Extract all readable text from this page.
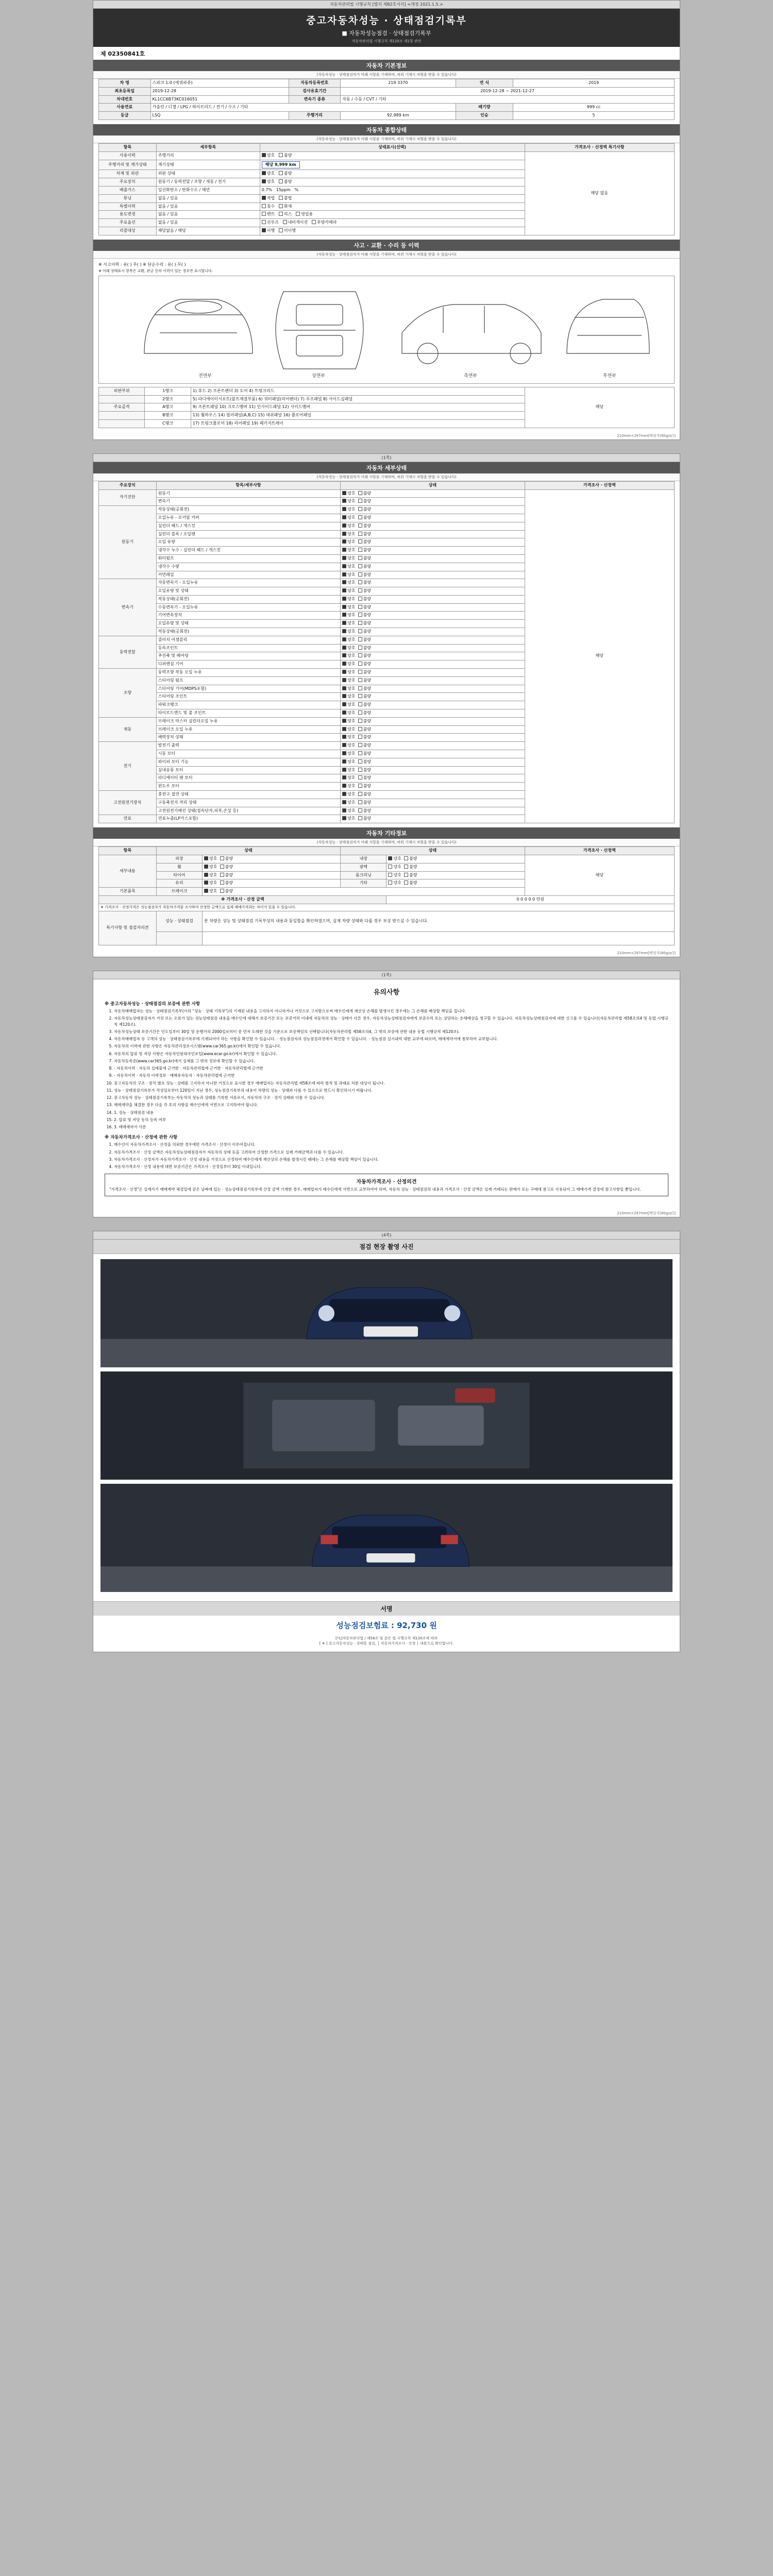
자동차관리법 시행규칙 [별지 제82호서식] <개정 2021.1.5.>
중고자동차성능 · 상태점검기록부
■ 자동차성능점검 · 상태점검기록부
자동차관리법 시행규칙 제120조 제1항 관련
제 02350841호
자동차 기본정보
(자동차성능 · 상태점검자가 아래 사항을 기재하며, 허위 기재시 처벌을 받을 수 있습니다)
차 명	스파크 1.0 (에쿼파쥬)	자동차등록번호	219 3370	연 식	2019
최초등록일	2019-12-28	검사유효기간	2019-12-28 ~ 2021-12-27		
차대번호	KL1CC6B73KC016051	변속기 종류	자동 / 수동 / CVT / 기타		
사용연료	가솔린 / 디젤 / LPG / 하이브리드 / 전기 / 수소 / 기타			배기량	999 cc
등급	LSQ	주행거리	92,989 km	인승	5
자동차 종합상태
(자동차성능 · 상태점검자가 아래 사항을 기재하며, 허위 기재시 처벌을 받을 수 있습니다)
항목	세부항목	상태표시(선택)	가격조사 · 산정액 특기사항
사용이력	주행거리	양호 불량	해당 없음
주행거리 및 계기상태	계기상태	해당 9,999 km	
차체 및 외관	외판 상태	양호 불량	
주요장치	원동기 / 동력전달 / 조향 / 제동 / 전기	양호 불량	
배출가스	일산화탄소 / 탄화수소 / 매연	0.7% 15ppm %	
튜닝	없음 / 있음	적법 불법	
특별이력	없음 / 있음	침수 화재	
용도변경	없음 / 있음	렌트 리스 영업용	
주요옵션	없음 / 있음	선루프 내비게이션 후방카메라	
리콜대상	해당없음 / 해당	이행 미이행	
사고 · 교환 · 수리 등 이력
(자동차성능 · 상태점검자가 아래 사항을 기재하며, 허위 기재시 처벌을 받을 수 있습니다)
※ 사고이력 : 유( ) 무( ) ※ 단순수리 : 유( ) 무( )
※ 아래 상태표시 항목은 교환, 판금 등의 이력이 있는 경우만 표시합니다.
전면부	상면부	측면부	후면부
외판부위	1랭크	1) 후드 2) 프론트펜더 3) 도어 4) 트렁크리드	해당
	2랭크	5) 라디에이터서포트(볼트체결부품) 6) 쿼터패널(리어펜더) 7) 루프패널 8) 사이드실패널	
주요골격	A랭크	9) 프론트패널 10) 크로스멤버 11) 인사이드패널 12) 사이드멤버	
	B랭크	13) 휠하우스 14) 필러패널(A,B,C) 15) 대쉬패널 16) 플로어패널	
	C랭크	17) 트렁크플로어 18) 리어패널 19) 패키지트레이	
210mm×297mm[백상지(80g/㎡)]
(1쪽)
자동차 세부상태
(자동차성능 · 상태점검자가 아래 사항을 기재하며, 허위 기재시 처벌을 받을 수 있습니다)
주요장치	항목/세부사항	상태	가격조사 · 산정액
자기진단	원동기	양호 불량	해당
	변속기	양호 불량	
원동기	작동상태(공회전)	양호 불량	
	오일누유 - 로커암 커버	양호 불량	
	실린더 헤드 / 개스킷	양호 불량	
	실린더 블록 / 오일팬	양호 불량	
	오일 유량	양호 불량	
	냉각수 누수 - 실린더 헤드 / 개스킷	양호 불량	
	워터펌프	양호 불량	
	냉각수 수량	양호 불량	
	커먼레일	양호 불량	
변속기	자동변속기 - 오일누유	양호 불량	
	오일유량 및 상태	양호 불량	
	작동상태(공회전)	양호 불량	
	수동변속기 - 오일누유	양호 불량	
	기어변속장치	양호 불량	
	오일유량 및 상태	양호 불량	
	작동상태(공회전)	양호 불량	
동력전달	클러치 어셈블리	양호 불량	
	등속조인트	양호 불량	
	추진축 및 베어링	양호 불량	
	디퍼렌셜 기어	양호 불량	
조향	동력조향 작동 오일 누유	양호 불량	
	스티어링 펌프	양호 불량	
	스티어링 기어(MDPS포함)	양호 불량	
	스티어링 조인트	양호 불량	
	파워크랭크	양호 불량	
	타이로드엔드 및 볼 조인트	양호 불량	
제동	브레이크 마스터 실린더오일 누유	양호 불량	
	브레이크 오일 누유	양호 불량	
	배력장치 상태	양호 불량	
전기	발전기 출력	양호 불량	
	시동 모터	양호 불량	
	와이퍼 모터 기능	양호 불량	
	실내송풍 모터	양호 불량	
	라디에이터 팬 모터	양호 불량	
	윈도우 모터	양호 불량	
고전원전기장치	충전구 절연 상태	양호 불량	
	구동축전지 격리 상태	양호 불량	
	고전원전기배선 상태(접속단자,피복,손상 등)	양호 불량	
연료	연료누출(LP가스포함)	양호 불량	
자동차 기타정보
(자동차성능 · 상태점검자가 아래 사항을 기재하며, 허위 기재시 처벌을 받을 수 있습니다)
항목	상태		상태		가격조사 · 산정액
세부내용	외장	양호 불량	내장	양호 불량	해당
	휠	양호 불량	광택	양호 불량	
	타이어	양호 불량	룸크리닝	양호 불량	
	유리	양호 불량	기타	양호 불량	
기본품목	브레이크	양호 불량			
※ 가격조사 · 산정 금액				0 0 0 0 0 만원	
※ 가격조사 · 산정가격은 성능점검자가 자동차가격을 조사하여 산정한 금액으로 실제 매매가격과는 차이가 있을 수 있습니다.					
특기사항 및 점검자의견	성능 · 상태점검	본 차량은 성능 및 상태점검 기록부상의 내용과 동일함을 확인하였으며, 실제 차량 상태와 다를 경우 보상 받으실 수 있습니다.			

210mm×297mm[백상지(80g/㎡)]
(1쪽)
유의사항

※ 중고자동차성능 · 상태점검의 보증에 관한 사항

1. 자동차매매업자는 성능 · 상태점검기록부(이하 "성능 · 상태 기록부")의 기재된 내용을 고지하지 아니하거나 거짓으로 고지함으로써 매수인에게 재산상 손해를 발생시킨 경우에는 그 손해를 배상할 책임을 집니다.
2. 자동차성능상태점검자가 거짓 또는 오류가 있는 성능상태점검 내용을 매수인에 대해서 보증기간 또는 보증거리 이내에 자동차의 성능 · 상태가 다른 경우, 자동차성능상태점검자에게 보증수리 또는 상당하는 손해배상을 청구할 수 있습니다. 자동차성능상태점검자에 대한 신고를 수 있습니다(자동차관리법 제58조의4 및 동법 시행규칙 제120조).
3. 자동차성능상태 보증기간은 인도일부터 30일 및 운행거리 2000킬로미터 중 먼저 도래한 것을 기준으로 보증책임의 선택합니다(자동차관리법 제58조의4, 그 밖의 보증에 관한 내용 동법 시행규칙 제120조).
4. 자동차매매업자 등 고객의 성능 · 상태점검기록부에 기재되어야 하는 사항을 확인할 수 있습니다. · 성능점검자의 성능점검과정에서 확인할 수 있습니다. · 성능점검 실시내역 대한 교부에 따르며, 매매계약서에 첨부하여 교부합니다.
5. 자동차의 이력에 관한 사항은 자동차관리정보시스템(www.car365.go.kr)에서 확인할 수 있습니다.
6. 자동차의 압류 및 저당 사항은 자동차민원대국민포털(www.ecar.go.kr)에서 확인할 수 있습니다.
7. 자동차등록증(www.car365.go.kr)에서 실제를 그 밖의 정보에 확인할 수 있습니다.
8. - 자동차이력 · 자동차 실매물에 근거한 · 자동차관리법에 근거한 · 자동차관리법에 근거한
9. - 자동차이력 · 자동차 이력정보 · 매매용자동차 · 자동차관리법에 근거한
10. 중고자동차의 구조 · 장치 별로 성능 · 상태를 고지하지 아니한 거짓으로 표시한 경우 매매업자는 자동차관리법 제58조에 따라 벌칙 및 과태료 처분 대상이 됩니다.
11. 성능 · 상태점검기록부가 작성일로부터 120일이 지난 경우, 성능점검기록부의 내용이 차량의 성능 · 상태와 다를 수 있으므로 반드시 확인하시기 바랍니다.
12. 중고자동차 성능 · 상태점검기록부는 자동차의 성능과 상태를 기록한 서류로서, 자동차의 구조 · 장치 상태와 다를 수 있습니다.
13. 매매계약을 체결한 경우 다음 각 호의 사항을 매수인에게 서면으로 고지하여야 합니다.
14. 1. 성능 · 상태점검 내용
15. 2. 압류 및 저당 등의 등록 여부
16. 3. 매매계약서 사본

※ 자동차가격조사 · 산정에 관한 사항

1. 매수인이 자동차가격조사 · 산정을 의뢰한 경우에만 가격조사 · 산정이 이루어집니다.
2. 자동차가격조사 · 산정 금액은 자동차성능상태점검자가 자동차의 상태 등을 고려하여 산정한 가격으로 실제 거래금액과 다를 수 있습니다.
3. 자동차가격조사 · 산정자가 자동차가격조사 · 산정 내용을 거짓으로 산정하여 매수인에게 재산상의 손해를 발생시킨 때에는 그 손해를 배상할 책임이 있습니다.
4. 자동차가격조사 · 산정 내용에 대한 보증기간은 가격조사 · 산정일부터 30일 이내입니다.
자동차가격조사 · 산정의견
"가격조사 · 산정"은 실제가기 매매계약 체결일에 같은 날짜에 있는 · 성능상태점검기록부에 산정 금액 기재한 경우, 매매업자가 매수인에게 서면으로 교부하여야 하며, 자동차 성능 · 상태점검의 내용과 가격조사 · 산정 금액은 실제 거래되는 판매가 또는 구매에 참고로 사용되어 그 매매가격 결정에 참고사항일 뿐입니다.
210mm×297mm[백상지(80g/㎡)]
(4쪽)
점검 현장 촬영 사진
서명
성능점검보험료 : 92,730 원
[*1]자동차관리법 / 제58조 및 같은 법 시행규칙 제120조에 따라
[ ※ ] 중고자동차성능 · 상태를 점검, │ 자동차가격조사 · 산정 │ 내용으로 확인합니다.
